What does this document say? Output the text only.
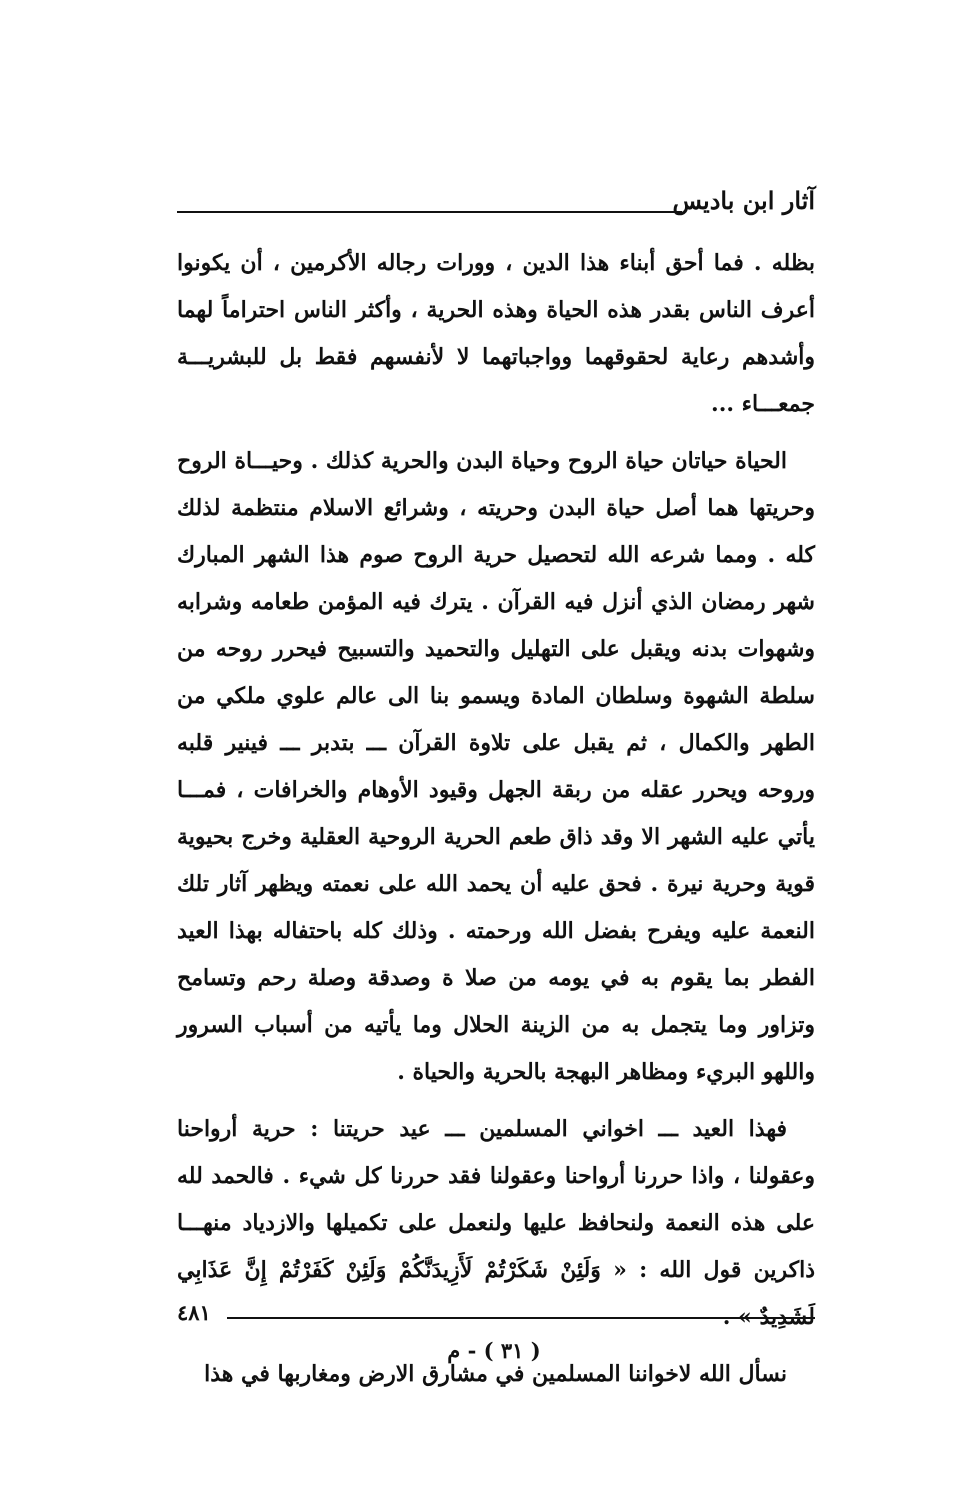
آثار ابن باديس

بظله . فما أحق أبناء هذا الدين ، وورات رجاله الأكرمين ، أن يكونوا أعرف الناس بقدر هذه الحياة وهذه الحرية ، وأكثر الناس احتراماً لهما وأشدهم رعاية لحقوقهما وواجباتهما لا لأنفسهم فقط بل للبشريـــة جمعـــاء ...

الحياة حياتان حياة الروح وحياة البدن والحرية كذلك . وحيـــاة الروح وحريتها هما أصل حياة البدن وحريته ، وشرائع الاسلام منتظمة لذلك كله . ومما شرعه الله لتحصيل حرية الروح صوم هذا الشهر المبارك شهر رمضان الذي أنزل فيه القرآن . يترك فيه المؤمن طعامه وشرابه وشهوات بدنه ويقبل على التهليل والتحميد والتسبيح فيحرر روحه من سلطة الشهوة وسلطان المادة ويسمو بنا الى عالم علوي ملكي من الطهر والكمال ، ثم يقبل على تلاوة القرآن ـــ بتدبر ـــ فينير قلبه وروحه ويحرر عقله من ربقة الجهل وقيود الأوهام والخرافات ، فمـــا يأتي عليه الشهر الا وقد ذاق طعم الحرية الروحية العقلية وخرج بحيوية قوية وحرية نيرة . فحق عليه أن يحمد الله على نعمته ويظهر آثار تلك النعمة عليه ويفرح بفضل الله ورحمته . وذلك كله باحتفاله بهذا العيد الفطر بما يقوم به في يومه من صلا ة وصدقة وصلة رحم وتسامح وتزاور وما يتجمل به من الزينة الحلال وما يأتيه من أسباب السرور واللهو البريء ومظاهر البهجة بالحرية والحياة .

فهذا العيد ـــ اخواني المسلمين ـــ عيد حريتنا : حرية أرواحنا وعقولنا ، واذا حررنا أرواحنا وعقولنا فقد حررنا كل شيء . فالحمد لله على هذه النعمة ولنحافظ عليها ولنعمل على تكميلها والازدياد منهـــا ذاكرين قول الله : « وَلَئِنْ شَكَرْتُمْ لَأَزِيدَنَّكُمْ وَلَئِنْ كَفَرْتُمْ إِنَّ عَذَابِي لَشَدِيدٌ » .

نسأل الله لاخواننا المسلمين في مشارق الارض ومغاربها في هذا

٤٨١
( ٣١ ) - م
